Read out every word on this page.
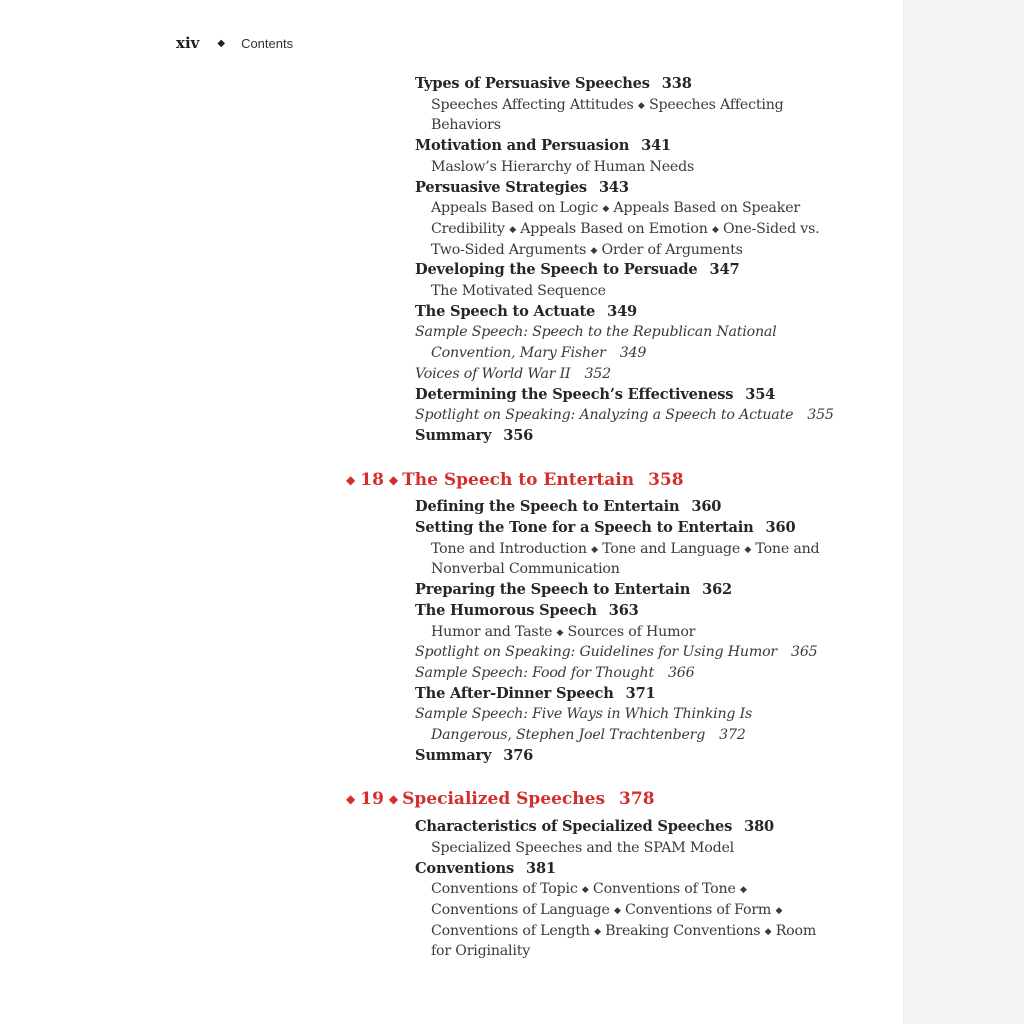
xiv ◆ Contents
Types of Persuasive Speeches 338
Speeches Affecting Attitudes ◆ Speeches Affecting
Behaviors
Motivation and Persuasion 341
Maslow’s Hierarchy of Human Needs
Persuasive Strategies 343
Appeals Based on Logic ◆ Appeals Based on Speaker
Credibility ◆ Appeals Based on Emotion ◆ One-Sided vs.
Two-Sided Arguments ◆ Order of Arguments
Developing the Speech to Persuade 347
The Motivated Sequence
The Speech to Actuate 349
Sample Speech: Speech to the Republican National
Convention, Mary Fisher 349
Voices of World War II 352
Determining the Speech’s Effectiveness 354
Spotlight on Speaking: Analyzing a Speech to Actuate 355
Summary 356
◆ 18 ◆ The Speech to Entertain 358
Defining the Speech to Entertain 360
Setting the Tone for a Speech to Entertain 360
Tone and Introduction ◆ Tone and Language ◆ Tone and
Nonverbal Communication
Preparing the Speech to Entertain 362
The Humorous Speech 363
Humor and Taste ◆ Sources of Humor
Spotlight on Speaking: Guidelines for Using Humor 365
Sample Speech: Food for Thought 366
The After-Dinner Speech 371
Sample Speech: Five Ways in Which Thinking Is
Dangerous, Stephen Joel Trachtenberg 372
Summary 376
◆ 19 ◆ Specialized Speeches 378
Characteristics of Specialized Speeches 380
Specialized Speeches and the SPAM Model
Conventions 381
Conventions of Topic ◆ Conventions of Tone ◆
Conventions of Language ◆ Conventions of Form ◆
Conventions of Length ◆ Breaking Conventions ◆ Room
for Originality
